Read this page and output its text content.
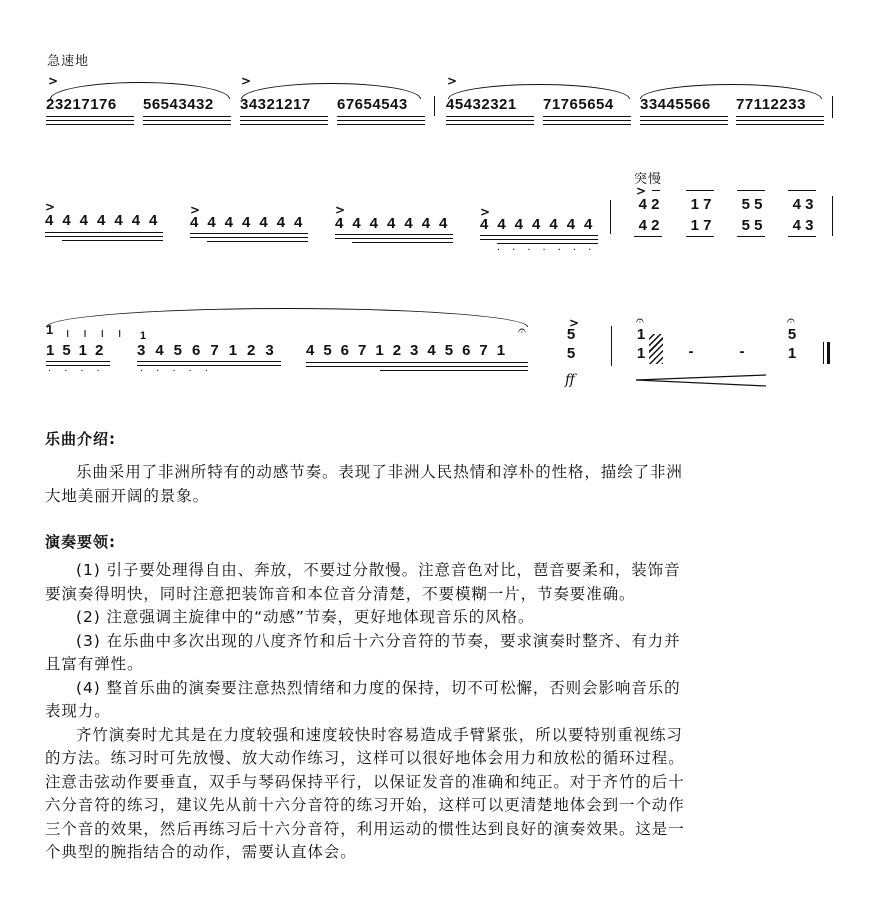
急速地
>	>	>
23217176 56543432 34321217 67654543	45432321 71765654 33445566 77112233
>	>	>	>
4444444 4444444 4444444 4444444
·······
突慢
>
4 2
4 2
1 7
1 7
5 5
5 5
4 3
4 3
1 ıııı
1512
····
1
34567123
·····
456712345671
𝄐	>
5
5
ff
𝄐
1
1	-	-
𝄐
5
1
乐曲介绍:
乐曲采用了非洲所特有的动感节奏。表现了非洲人民热情和淳朴的性格，描绘了非洲
大地美丽开阔的景象。
演奏要领:
(1) 引子要处理得自由、奔放，不要过分散慢。注意音色对比，琶音要柔和，装饰音
要演奏得明快，同时注意把装饰音和本位音分清楚，不要模糊一片，节奏要准确。
(2) 注意强调主旋律中的“动感”节奏，更好地体现音乐的风格。
(3) 在乐曲中多次出现的八度齐竹和后十六分音符的节奏，要求演奏时整齐、有力并
且富有弹性。
(4) 整首乐曲的演奏要注意热烈情绪和力度的保持，切不可松懈，否则会影响音乐的
表现力。
齐竹演奏时尤其是在力度较强和速度较快时容易造成手臂紧张，所以要特别重视练习
的方法。练习时可先放慢、放大动作练习，这样可以很好地体会用力和放松的循环过程。
注意击弦动作要垂直，双手与琴码保持平行，以保证发音的准确和纯正。对于齐竹的后十
六分音符的练习，建议先从前十六分音符的练习开始，这样可以更清楚地体会到一个动作
三个音的效果，然后再练习后十六分音符，利用运动的惯性达到良好的演奏效果。这是一
个典型的腕指结合的动作，需要认直体会。
